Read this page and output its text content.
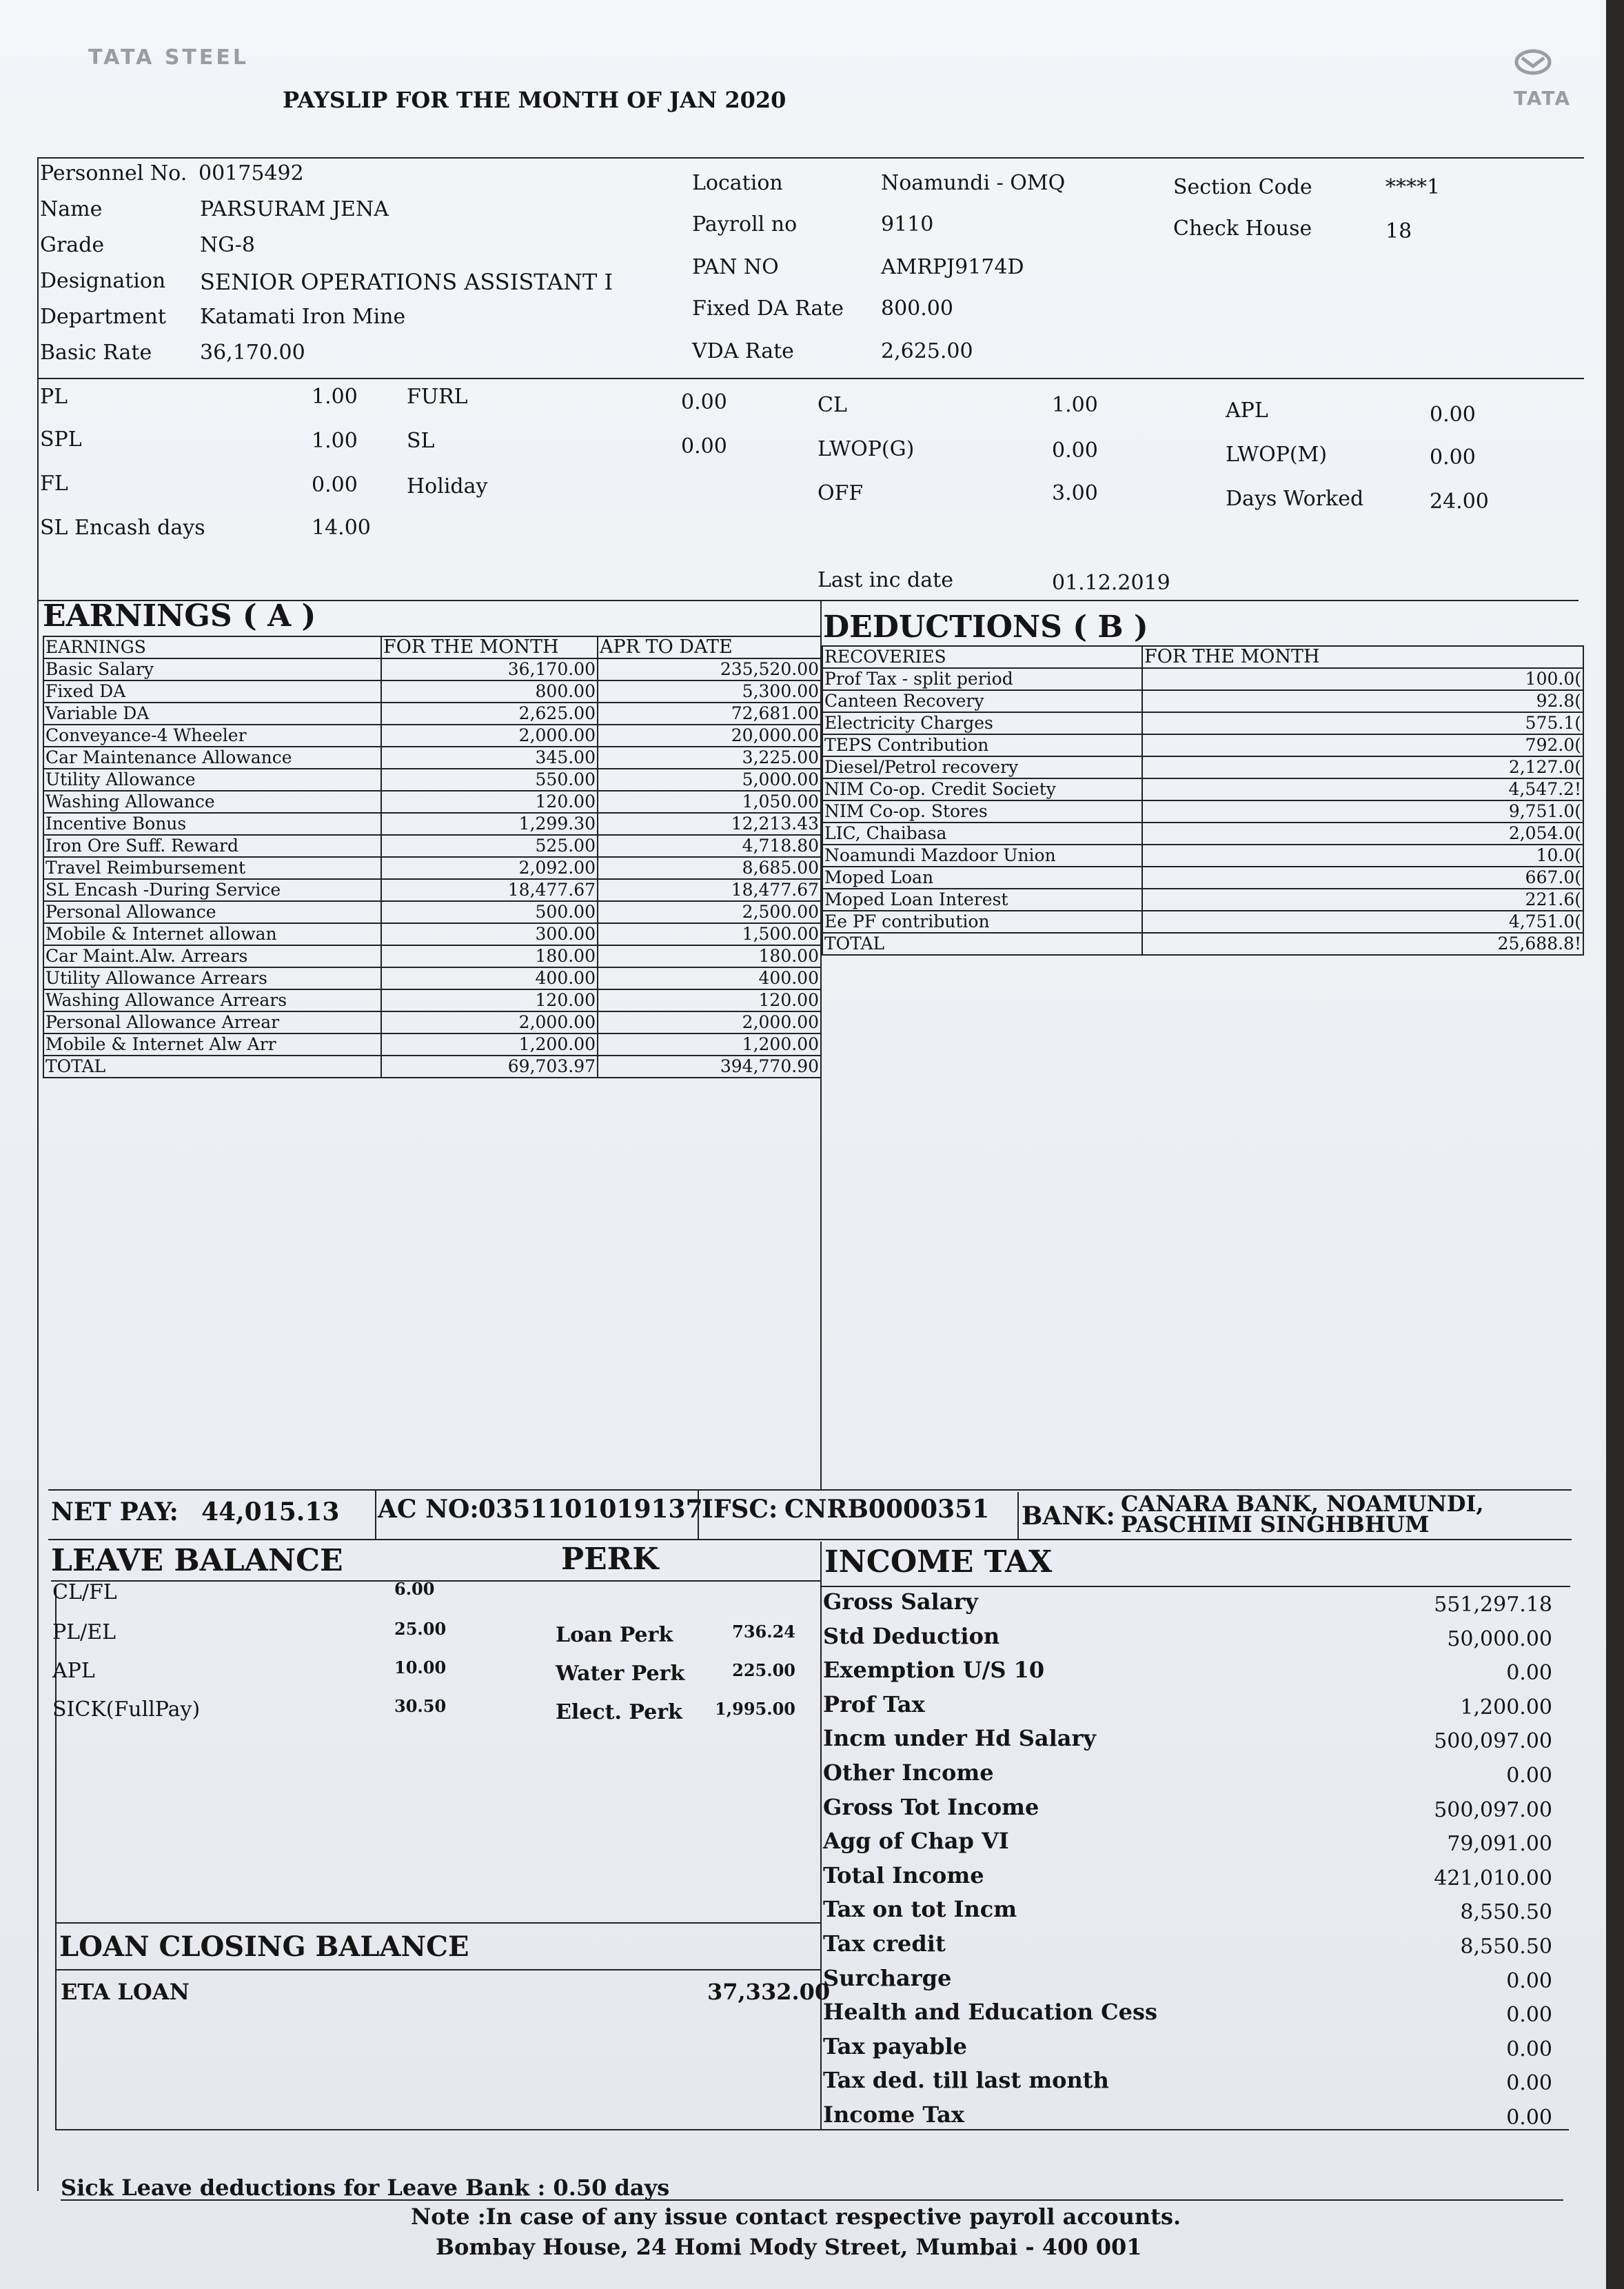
TATA STEEL
TATA
PAYSLIP FOR THE MONTH OF JAN 2020
Personnel No. 00175492
Name	PARSURAM JENA
Grade	NG-8
Designation SENIOR OPERATIONS ASSISTANT I
Department Katamati Iron Mine
Basic Rate 36,170.00
Location	Noamundi - OMQ
Payroll no	9110
PAN NO	AMRPJ9174D
Fixed DA Rate 800.00
VDA Rate	2,625.00
Section Code	****1
Check House	18
PL	1.00
SPL	1.00
FL	0.00
SL Encash days	14.00
FURL	0.00
SL	0.00
Holiday
CL	1.00
LWOP(G)	0.00
OFF	3.00
APL	0.00
LWOP(M)	0.00
Days Worked	24.00
Last inc date	01.12.2019
EARNINGS ( A )	DEDUCTIONS ( B )
EARNINGS	FOR THE MONTH	APR TO DATE
Basic Salary	36,170.00	235,520.00
Fixed DA	800.00	5,300.00
Variable DA	2,625.00	72,681.00
Conveyance-4 Wheeler	2,000.00	20,000.00
Car Maintenance Allowance	345.00	3,225.00
Utility Allowance	550.00	5,000.00
Washing Allowance	120.00	1,050.00
Incentive Bonus	1,299.30	12,213.43
Iron Ore Suff. Reward	525.00	4,718.80
Travel Reimbursement	2,092.00	8,685.00
SL Encash -During Service	18,477.67	18,477.67
Personal Allowance	500.00	2,500.00
Mobile & Internet allowan	300.00	1,500.00
Car Maint.Alw. Arrears	180.00	180.00
Utility Allowance Arrears	400.00	400.00
Washing Allowance Arrears	120.00	120.00
Personal Allowance Arrear	2,000.00	2,000.00
Mobile & Internet Alw Arr	1,200.00	1,200.00
TOTAL	69,703.97	394,770.90
RECOVERIES	FOR THE MONTH
Prof Tax - split period	100.0(
Canteen Recovery	92.8(
Electricity Charges	575.1(
TEPS Contribution	792.0(
Diesel/Petrol recovery	2,127.0(
NIM Co-op. Credit Society	4,547.2!
NIM Co-op. Stores	9,751.0(
LIC, Chaibasa	2,054.0(
Noamundi Mazdoor Union	10.0(
Moped Loan	667.0(
Moped Loan Interest	221.6(
Ee PF contribution	4,751.0(
TOTAL	25,688.8!
NET PAY: 44,015.13 AC NO: 0351101019137
IFSC: CNRB0000351 BANK: CANARA BANK, NOAMUNDI,
PASCHIMI SINGHBHUM
LEAVE BALANCE	PERK	INCOME TAX
CL/FL	6.00
PL/EL	25.00
APL	10.00
SICK(FullPay)	30.50
Loan Perk	736.24
Water Perk	225.00
Elect. Perk 1,995.00
Gross Salary	551,297.18
Std Deduction	50,000.00
Exemption U/S 10	0.00
Prof Tax	1,200.00
Incm under Hd Salary	500,097.00
Other Income	0.00
Gross Tot Income	500,097.00
Agg of Chap VI	79,091.00
Total Income	421,010.00
Tax on tot Incm	8,550.50
Tax credit	8,550.50
Surcharge	0.00
Health and Education Cess	0.00
Tax payable	0.00
Tax ded. till last month	0.00
Income Tax	0.00
LOAN CLOSING BALANCE
ETA LOAN	37,332.00
Sick Leave deductions for Leave Bank : 0.50 days
Note :In case of any issue contact respective payroll accounts.
Bombay House, 24 Homi Mody Street, Mumbai - 400 001
